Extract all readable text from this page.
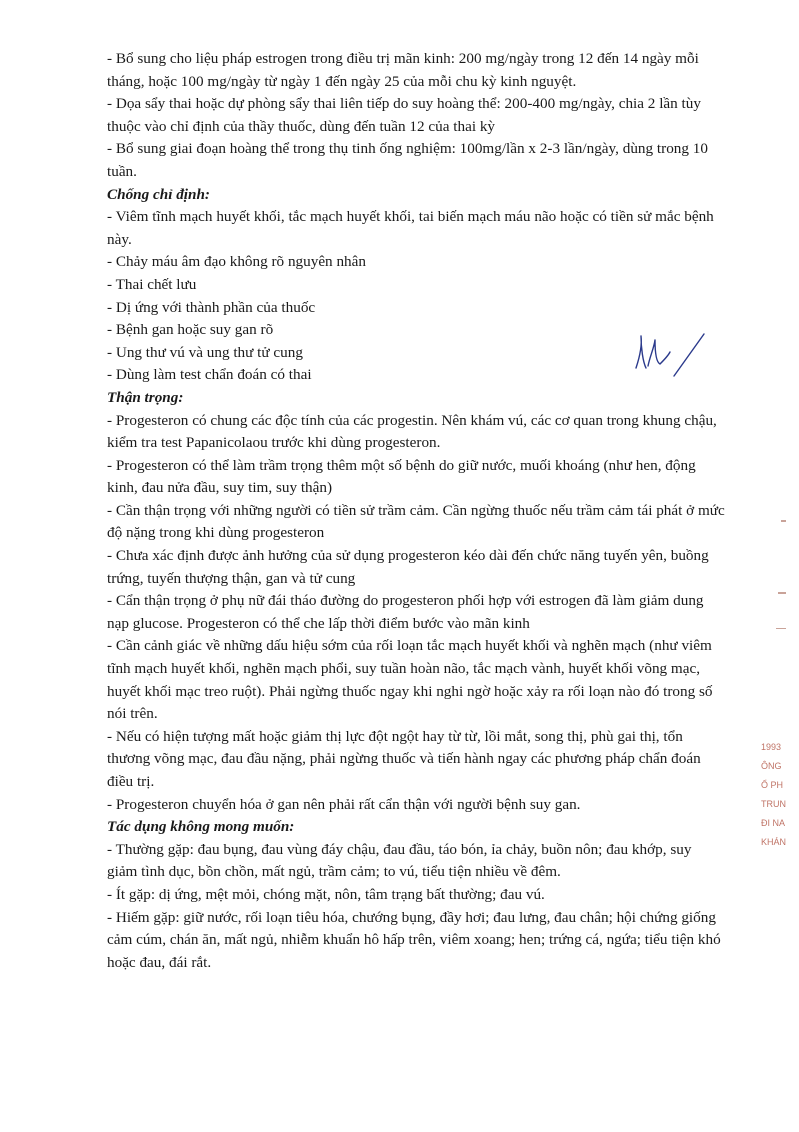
- Bổ sung cho liệu pháp estrogen trong điều trị mãn kinh: 200 mg/ngày trong 12 đến 14 ngày mỗi tháng, hoặc 100 mg/ngày từ ngày 1 đến ngày 25 của mỗi chu kỳ kinh nguyệt.

- Dọa sẩy thai hoặc dự phòng sẩy thai liên tiếp do suy hoàng thể: 200-400 mg/ngày, chia 2 lần tùy thuộc vào chỉ định của thầy thuốc, dùng đến tuần 12 của thai kỳ

- Bổ sung giai đoạn hoàng thể trong thụ tinh ống nghiệm: 100mg/lần x 2-3 lần/ngày, dùng trong 10 tuần.

Chống chỉ định:

- Viêm tĩnh mạch huyết khối, tắc mạch huyết khối, tai biến mạch máu não hoặc có tiền sử mắc bệnh này.

- Chảy máu âm đạo không rõ nguyên nhân

- Thai chết lưu

- Dị ứng với thành phần của thuốc

- Bệnh gan hoặc suy gan rõ

- Ung thư vú và ung thư tử cung

- Dùng làm test chẩn đoán có thai

Thận trọng:

- Progesteron có chung các độc tính của các progestin. Nên khám vú, các cơ quan trong khung chậu, kiểm tra test Papanicolaou trước khi dùng progesteron.

- Progesteron có thể làm trầm trọng thêm một số bệnh do giữ nước, muối khoáng (như hen, động kinh, đau nửa đầu, suy tim, suy thận)

- Cần thận trọng với những người có tiền sử trầm cảm. Cần ngừng thuốc nếu trầm cảm tái phát ở mức độ nặng trong khi dùng progesteron

- Chưa xác định được ảnh hưởng của sử dụng progesteron kéo dài đến chức năng tuyến yên, buồng trứng, tuyến thượng thận, gan và tử cung

- Cẩn thận trọng ở phụ nữ đái tháo đường do progesteron phối hợp với estrogen đã làm giảm dung nạp glucose. Progesteron có thể che lấp thời điểm bước vào mãn kinh

- Cần cảnh giác về những dấu hiệu sớm của rối loạn tắc mạch huyết khối và nghẽn mạch (như viêm tĩnh mạch huyết khối, nghẽn mạch phổi, suy tuần hoàn não, tắc mạch vành, huyết khối võng mạc, huyết khối mạc treo ruột). Phải ngừng thuốc ngay khi nghi ngờ hoặc xảy ra rối loạn nào đó trong số nói trên.

- Nếu có hiện tượng mất hoặc giảm thị lực đột ngột hay từ từ, lồi mắt, song thị, phù gai thị, tổn thương võng mạc, đau đầu nặng, phải ngừng thuốc và tiến hành ngay các phương pháp chẩn đoán điều trị.

- Progesteron chuyển hóa ở gan nên phải rất cẩn thận với người bệnh suy gan.

Tác dụng không mong muốn:

- Thường gặp: đau bụng, đau vùng đáy chậu, đau đầu, táo bón, ỉa chảy, buồn nôn; đau khớp, suy giảm tình dục, bồn chồn, mất ngủ, trầm cảm; to vú, tiểu tiện nhiều về đêm.

- Ít gặp: dị ứng, mệt mỏi, chóng mặt, nôn, tâm trạng bất thường; đau vú.

- Hiếm gặp: giữ nước, rối loạn tiêu hóa, chướng bụng, đầy hơi; đau lưng, đau chân; hội chứng giống cảm cúm, chán ăn, mất ngủ, nhiễm khuẩn hô hấp trên, viêm xoang; hen; trứng cá, ngứa; tiểu tiện khó hoặc đau, đái rắt.

1993
ÔNG
Ổ PH
TRUN
ĐI NA
KHÁN
